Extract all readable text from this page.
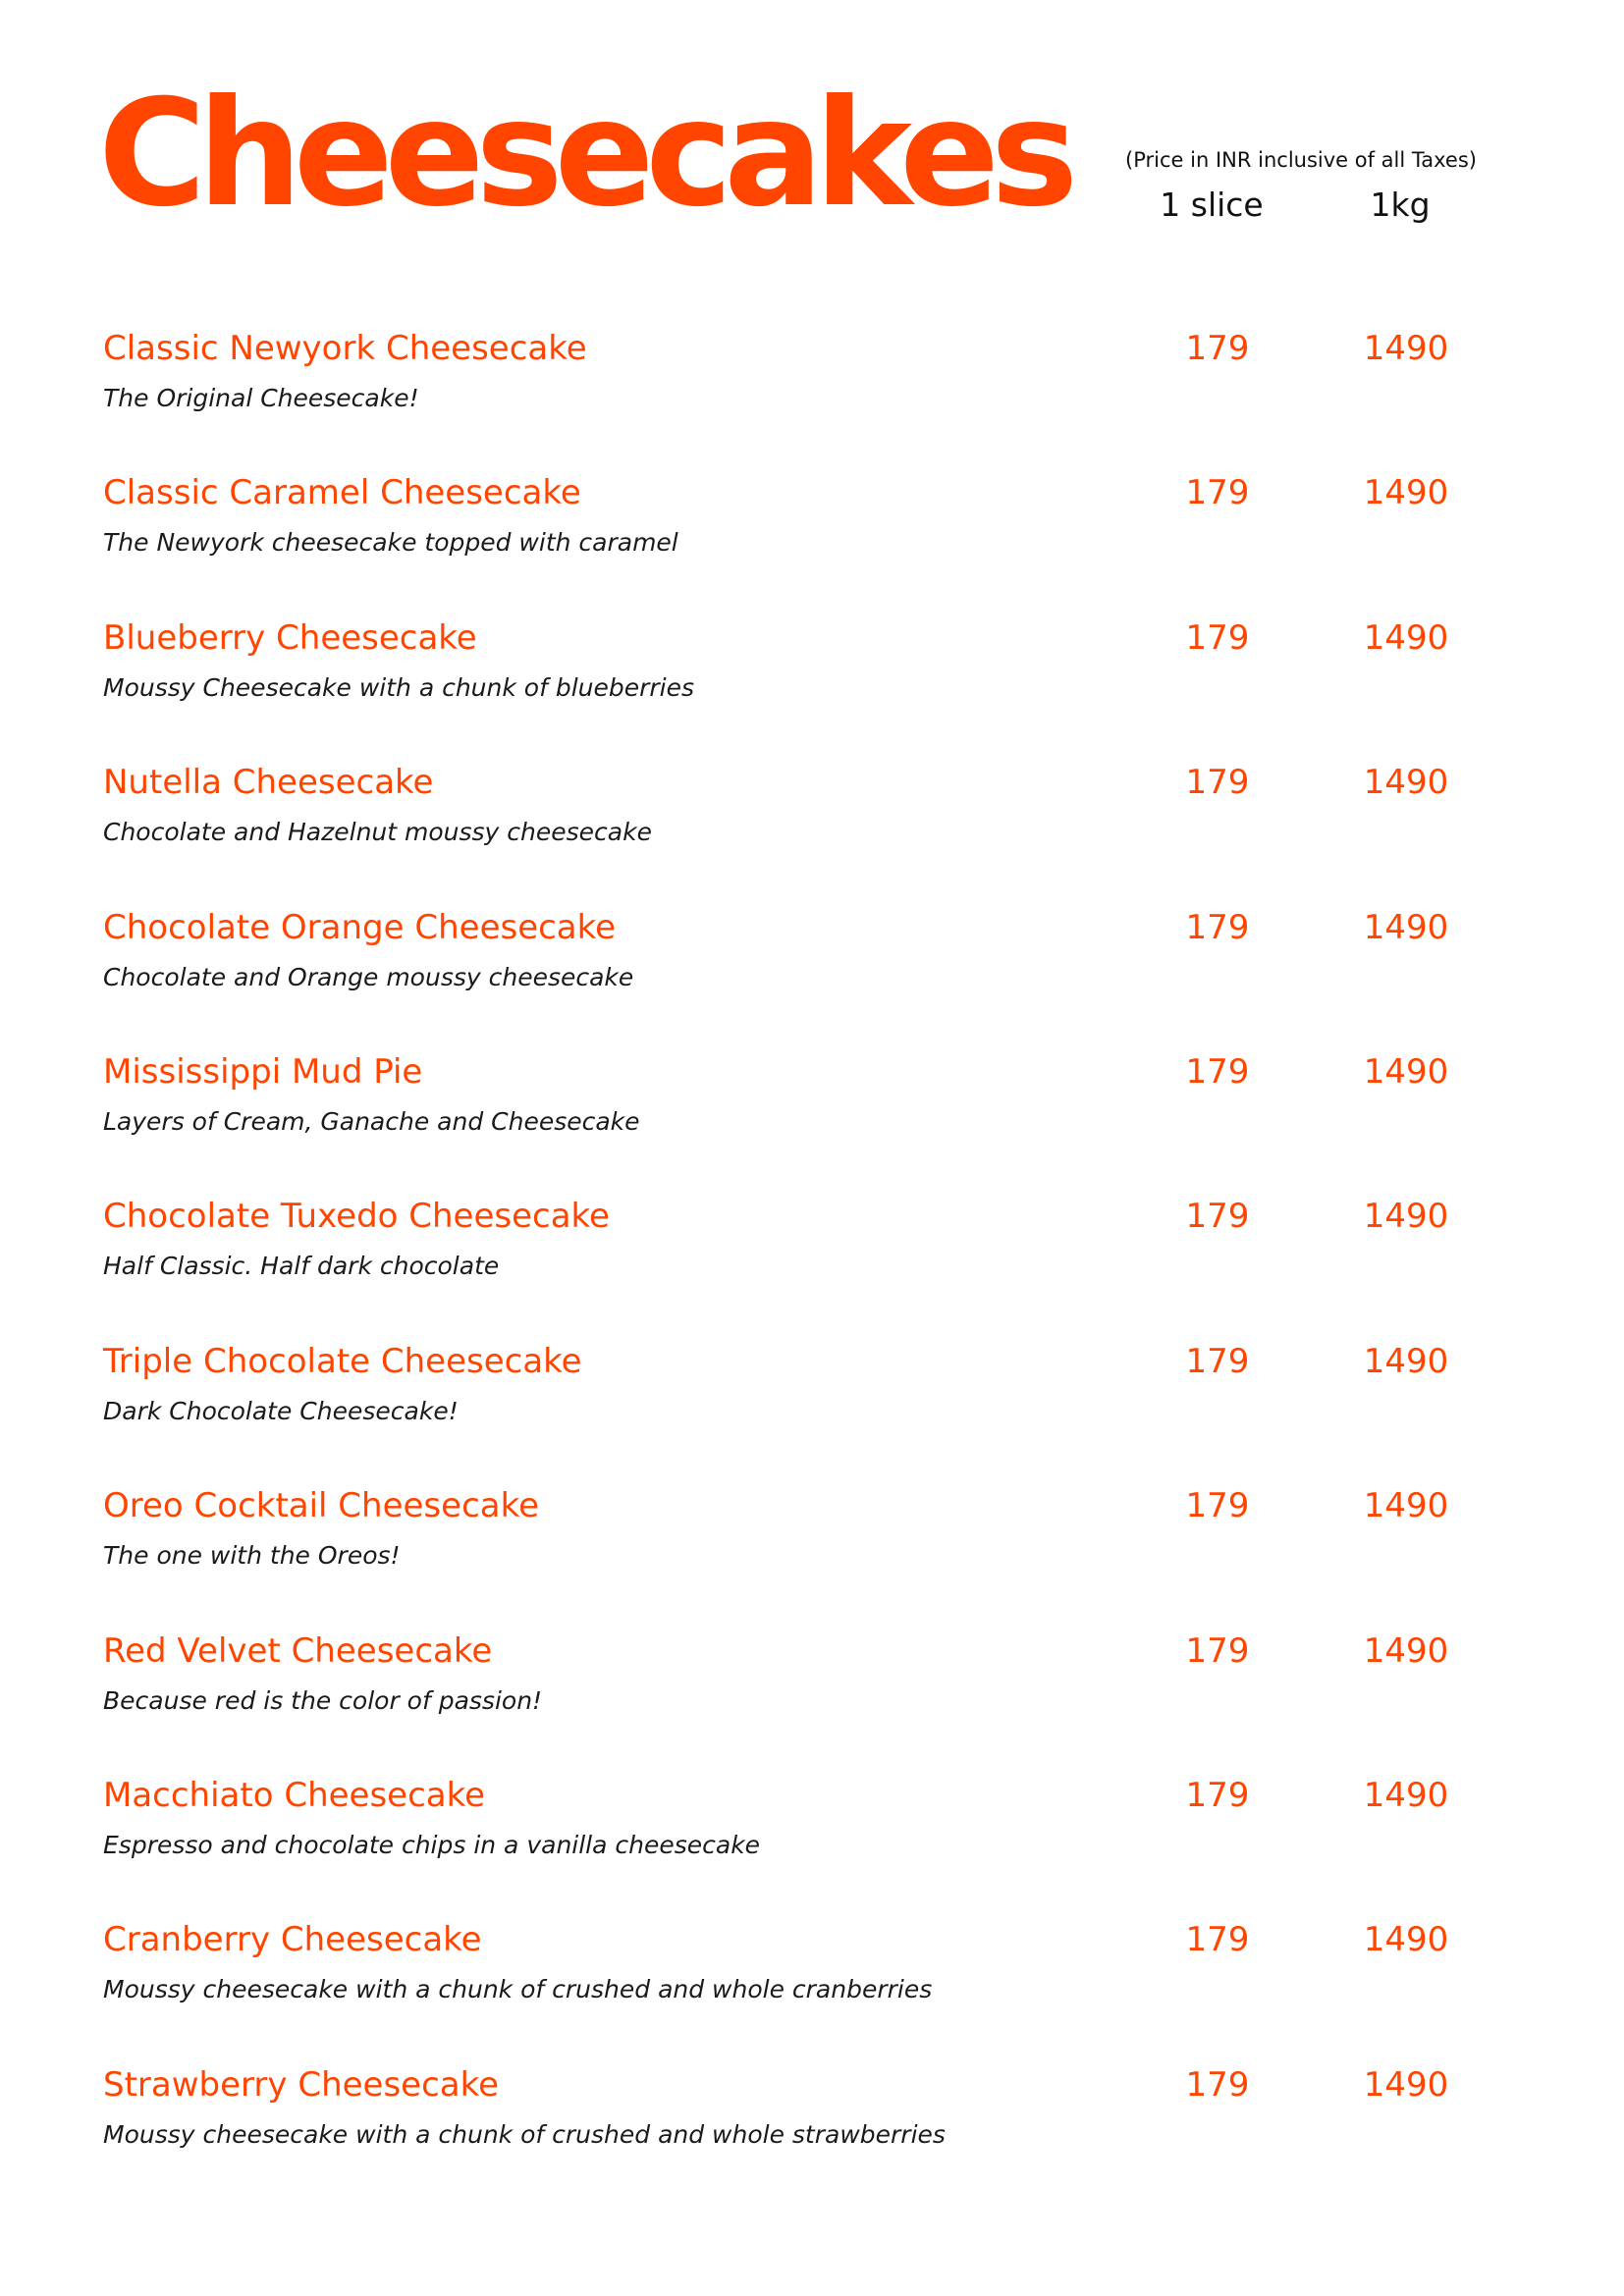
Cheesecakes	(Price in INR inclusive of all Taxes)
1 slice	1kg
Classic Newyork Cheesecake
The Original Cheesecake!
179	1490
Classic Caramel Cheesecake
The Newyork cheesecake topped with caramel
179	1490
Blueberry Cheesecake
Moussy Cheesecake with a chunk of blueberries
179	1490
Nutella Cheesecake
Chocolate and Hazelnut moussy cheesecake
179	1490
Chocolate Orange Cheesecake
Chocolate and Orange moussy cheesecake
179	1490
Mississippi Mud Pie
Layers of Cream, Ganache and Cheesecake
179	1490
Chocolate Tuxedo Cheesecake
Half Classic. Half dark chocolate
179	1490
Triple Chocolate Cheesecake
Dark Chocolate Cheesecake!
179	1490
Oreo Cocktail Cheesecake
The one with the Oreos!
179	1490
Red Velvet Cheesecake
Because red is the color of passion!
179	1490
Macchiato Cheesecake
Espresso and chocolate chips in a vanilla cheesecake
179	1490
Cranberry Cheesecake
Moussy cheesecake with a chunk of crushed and whole cranberries
179	1490
Strawberry Cheesecake
Moussy cheesecake with a chunk of crushed and whole strawberries
179	1490
